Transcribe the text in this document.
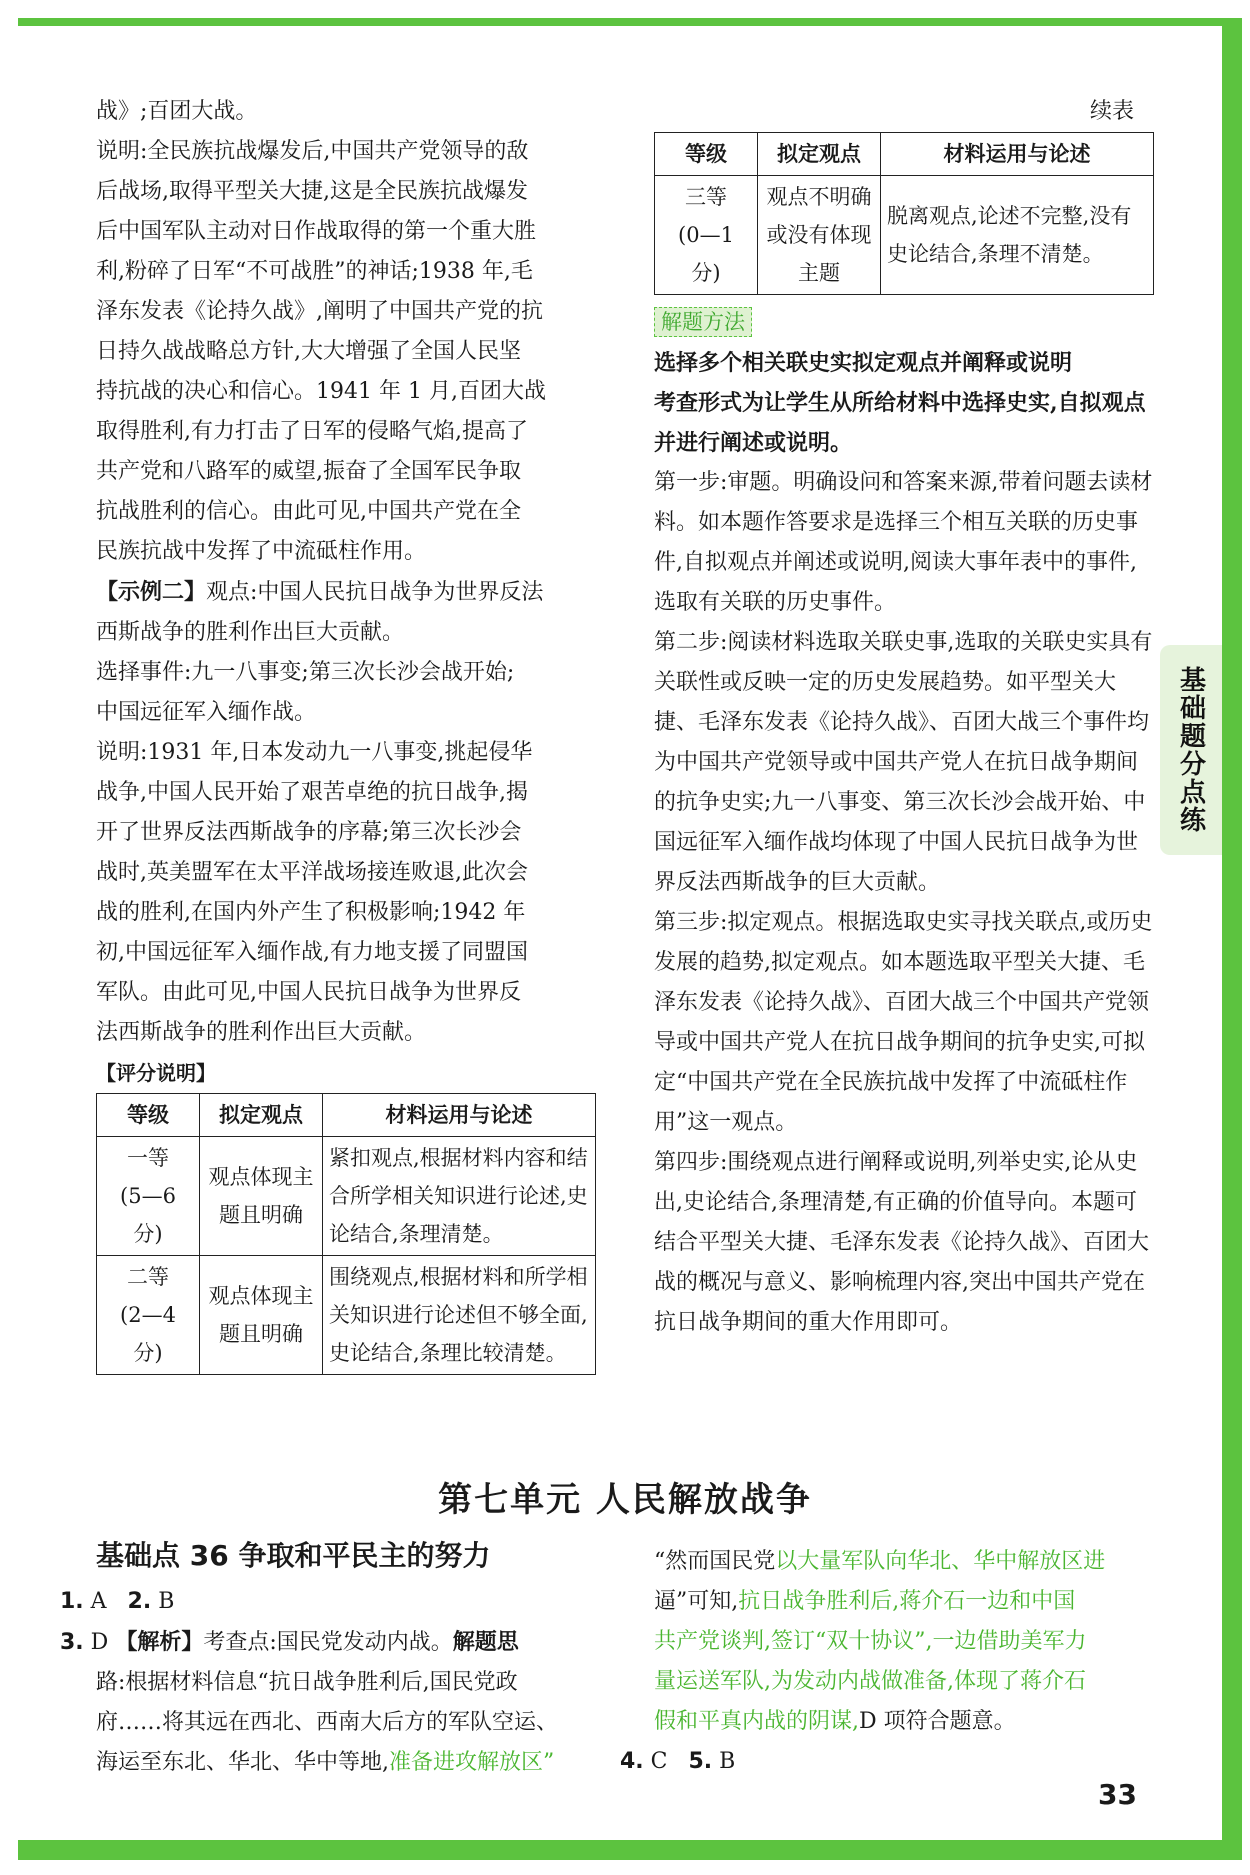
基础题分点练

战》;百团大战。

说明:全民族抗战爆发后,中国共产党领导的敌

后战场,取得平型关大捷,这是全民族抗战爆发

后中国军队主动对日作战取得的第一个重大胜

利,粉碎了日军“不可战胜”的神话;1938 年,毛

泽东发表《论持久战》,阐明了中国共产党的抗

日持久战战略总方针,大大增强了全国人民坚

持抗战的决心和信心。1941 年 1 月,百团大战

取得胜利,有力打击了日军的侵略气焰,提高了

共产党和八路军的威望,振奋了全国军民争取

抗战胜利的信心。由此可见,中国共产党在全

民族抗战中发挥了中流砥柱作用。

【示例二】观点:中国人民抗日战争为世界反法

西斯战争的胜利作出巨大贡献。

选择事件:九一八事变;第三次长沙会战开始;

中国远征军入缅作战。

说明:1931 年,日本发动九一八事变,挑起侵华

战争,中国人民开始了艰苦卓绝的抗日战争,揭

开了世界反法西斯战争的序幕;第三次长沙会

战时,英美盟军在太平洋战场接连败退,此次会

战的胜利,在国内外产生了积极影响;1942 年

初,中国远征军入缅作战,有力地支援了同盟国

军队。由此可见,中国人民抗日战争为世界反

法西斯战争的胜利作出巨大贡献。

【评分说明】

等级	拟定观点	材料运用与论述
一等
(5—6 分)	观点体现主题且明确	紧扣观点,根据材料内容和结合所学相关知识进行论述,史论结合,条理清楚。
二等
(2—4 分)	观点体现主题且明确	围绕观点,根据材料和所学相关知识进行论述但不够全面,史论结合,条理比较清楚。
续表
等级	拟定观点	材料运用与论述
三等
(0—1 分)	观点不明确或没有体现主题	脱离观点,论述不完整,没有史论结合,条理不清楚。
解题方法

选择多个相关联史实拟定观点并阐释或说明

考查形式为让学生从所给材料中选择史实,自拟观点并进行阐述或说明。

第一步:审题。明确设问和答案来源,带着问题去读材料。如本题作答要求是选择三个相互关联的历史事件,自拟观点并阐述或说明,阅读大事年表中的事件,选取有关联的历史事件。

第二步:阅读材料选取关联史事,选取的关联史实具有关联性或反映一定的历史发展趋势。如平型关大捷、毛泽东发表《论持久战》、百团大战三个事件均为中国共产党领导或中国共产党人在抗日战争期间的抗争史实;九一八事变、第三次长沙会战开始、中国远征军入缅作战均体现了中国人民抗日战争为世界反法西斯战争的巨大贡献。

第三步:拟定观点。根据选取史实寻找关联点,或历史发展的趋势,拟定观点。如本题选取平型关大捷、毛泽东发表《论持久战》、百团大战三个中国共产党领导或中国共产党人在抗日战争期间的抗争史实,可拟定“中国共产党在全民族抗战中发挥了中流砥柱作用”这一观点。

第四步:围绕观点进行阐释或说明,列举史实,论从史出,史论结合,条理清楚,有正确的价值导向。本题可结合平型关大捷、毛泽东发表《论持久战》、百团大战的概况与意义、影响梳理内容,突出中国共产党在抗日战争期间的重大作用即可。

第七单元 人民解放战争
基础点 36 争取和平民主的努力
1. A 2. B
3. D 【解析】考查点:国民党发动内战。解题思
路:根据材料信息“抗日战争胜利后,国民党政
府……将其远在西北、西南大后方的军队空运、
海运至东北、华北、华中等地,准备进攻解放区”
“然而国民党以大量军队向华北、华中解放区进
逼”可知,抗日战争胜利后,蒋介石一边和中国
共产党谈判,签订“双十协议”,一边借助美军力
量运送军队,为发动内战做准备,体现了蒋介石
假和平真内战的阴谋,D 项符合题意。
4. C 5. B
33
